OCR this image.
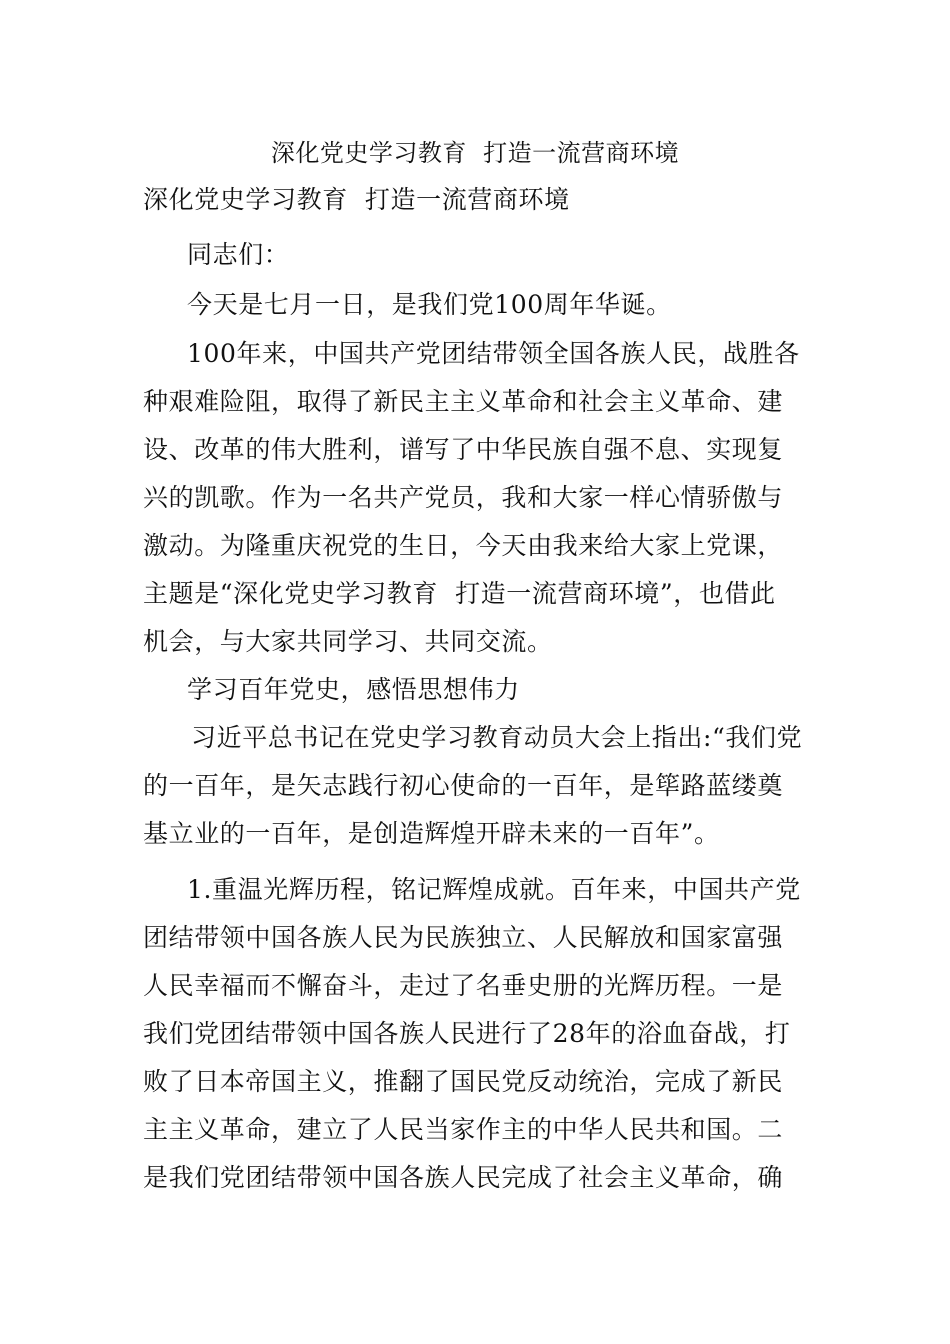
深化党史学习教育  打造一流营商环境

深化党史学习教育  打造一流营商环境

同志们：

今天是七月一日，是我们党100周年华诞。

100年来，中国共产党团结带领全国各族人民，战胜各
种艰难险阻，取得了新民主主义革命和社会主义革命、建
设、改革的伟大胜利，谱写了中华民族自强不息、实现复
兴的凯歌。作为一名共产党员，我和大家一样心情骄傲与
激动。为隆重庆祝党的生日，今天由我来给大家上党课，
主题是“深化党史学习教育  打造一流营商环境”，也借此
机会，与大家共同学习、共同交流。
学习百年党史，感悟思想伟力
习近平总书记在党史学习教育动员大会上指出:“我们党
的一百年，是矢志践行初心使命的一百年，是筚路蓝缕奠
基立业的一百年，是创造辉煌开辟未来的一百年”。
1.重温光辉历程，铭记辉煌成就。百年来，中国共产党
团结带领中国各族人民为民族独立、人民解放和国家富强
人民幸福而不懈奋斗，走过了名垂史册的光辉历程。一是
我们党团结带领中国各族人民进行了28年的浴血奋战，打
败了日本帝国主义，推翻了国民党反动统治，完成了新民
主主义革命，建立了人民当家作主的中华人民共和国。二
是我们党团结带领中国各族人民完成了社会主义革命，确
